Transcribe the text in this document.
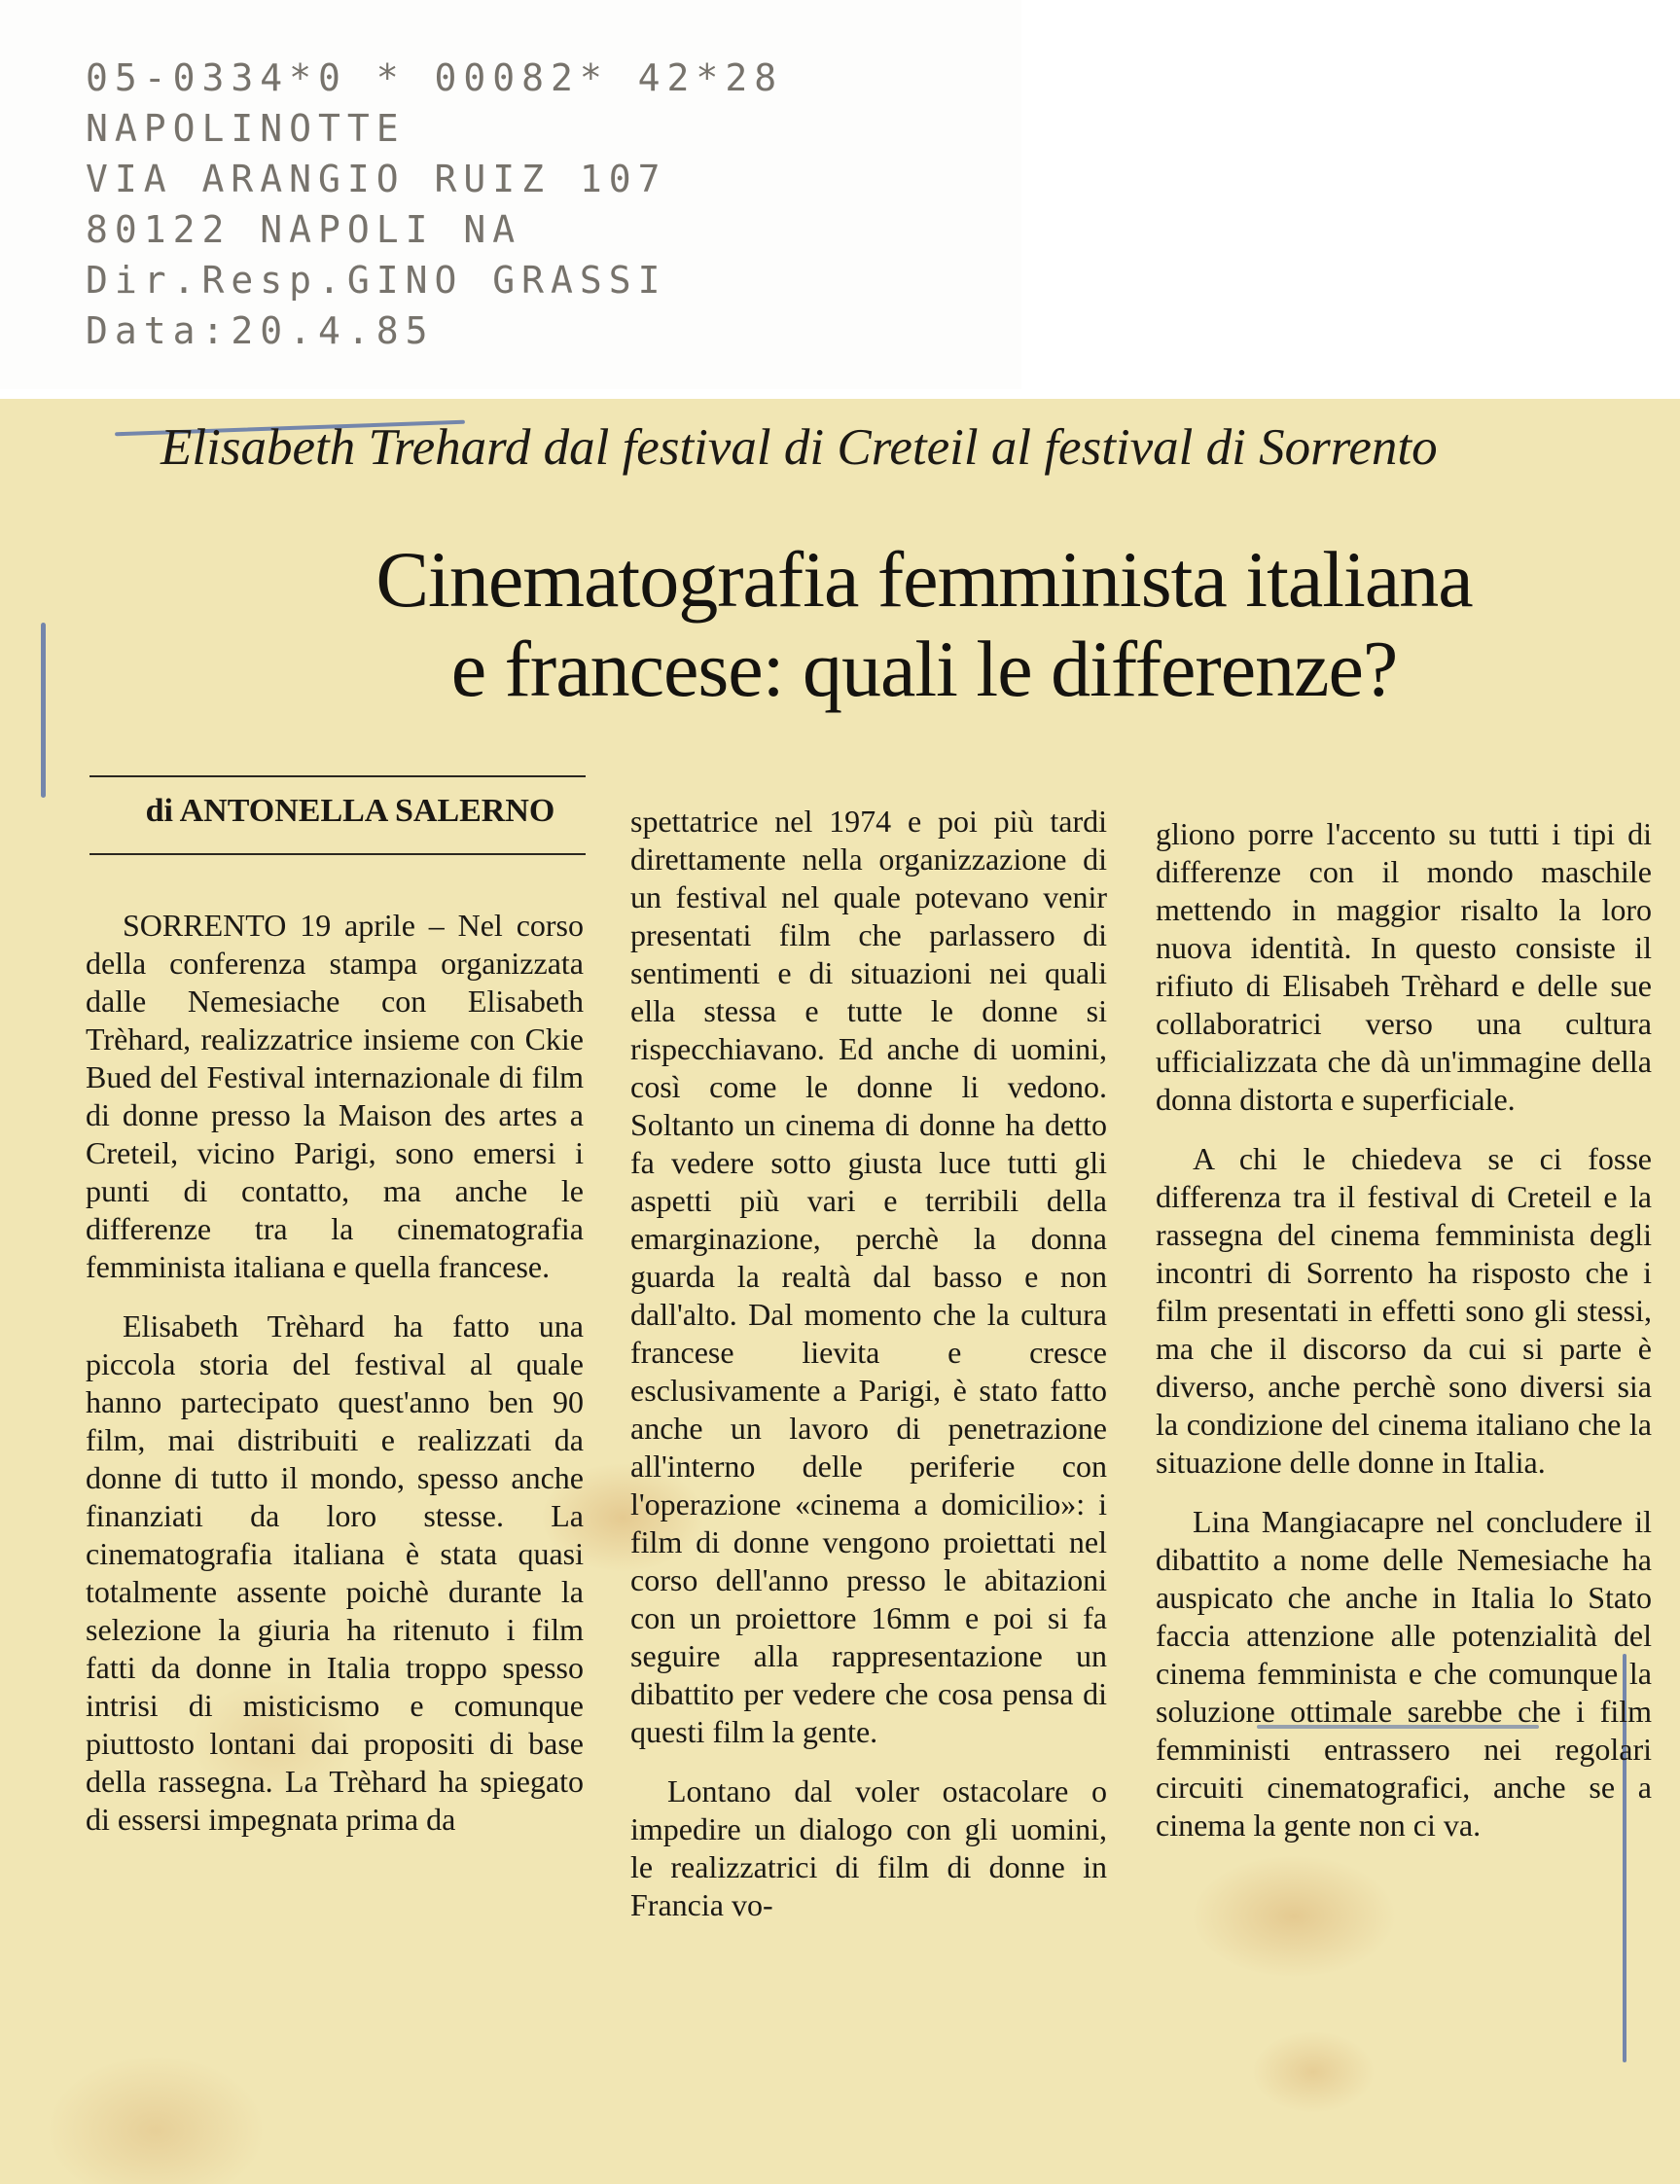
05-0334*0 * 00082* 42*28
NAPOLINOTTE
VIA ARANGIO RUIZ 107
80122 NAPOLI NA
Dir.Resp.GINO GRASSI
Data:20.4.85
Elisabeth Trehard dal festival di Creteil al festival di Sorrento
Cinematografia femminista italiana
e francese: quali le differenze?
di ANTONELLA SALERNO

SORRENTO 19 aprile – Nel corso della conferenza stampa organizzata dalle Nemesiache con Elisabeth Trèhard, realizzatrice insieme con Ckie Bued del Festival internazionale di film di donne presso la Maison des artes a Creteil, vicino Parigi, sono emersi i punti di contatto, ma anche le differenze tra la cinematografia femminista italiana e quella francese.

Elisabeth Trèhard ha fatto una piccola storia del festival al quale hanno partecipato quest'anno ben 90 film, mai distribuiti e realizzati da donne di tutto il mondo, spesso anche finanziati da loro stesse. La cinematografia italiana è stata quasi totalmente assente poichè durante la selezione la giuria ha ritenuto i film fatti da donne in Italia troppo spesso intrisi di misticismo e comunque piuttosto lontani dai propositi di base della rassegna. La Trèhard ha spiegato di essersi impegnata prima da

spettatrice nel 1974 e poi più tardi direttamente nella organizzazione di un festival nel quale potevano venir presentati film che parlassero di sentimenti e di situazioni nei quali ella stessa e tutte le donne si rispecchiavano. Ed anche di uomini, così come le donne li vedono. Soltanto un cinema di donne ha detto fa vedere sotto giusta luce tutti gli aspetti più vari e terribili della emarginazione, perchè la donna guarda la realtà dal basso e non dall'alto. Dal momento che la cultura francese lievita e cresce esclusivamente a Parigi, è stato fatto anche un lavoro di penetrazione all'interno delle periferie con l'operazione «cinema a domicilio»: i film di donne vengono proiettati nel corso dell'anno presso le abitazioni con un proiettore 16mm e poi si fa seguire alla rappresentazione un dibattito per vedere che cosa pensa di questi film la gente.

Lontano dal voler ostacolare o impedire un dialogo con gli uomini, le realizzatrici di film di donne in Francia vo-

gliono porre l'accento su tutti i tipi di differenze con il mondo maschile mettendo in maggior risalto la loro nuova identità. In questo consiste il rifiuto di Elisabeh Trèhard e delle sue collaboratrici verso una cultura ufficializzata che dà un'immagine della donna distorta e superficiale.

A chi le chiedeva se ci fosse differenza tra il festival di Creteil e la rassegna del cinema femminista degli incontri di Sorrento ha risposto che i film presentati in effetti sono gli stessi, ma che il discorso da cui si parte è diverso, anche perchè sono diversi sia la condizione del cinema italiano che la situazione delle donne in Italia.

Lina Mangiacapre nel concludere il dibattito a nome delle Nemesiache ha auspicato che anche in Italia lo Stato faccia attenzione alle potenzialità del cinema femminista e che comunque la soluzione ottimale sarebbe che i film femministi entrassero nei regolari circuiti cinematografici, anche se a cinema la gente non ci va.
